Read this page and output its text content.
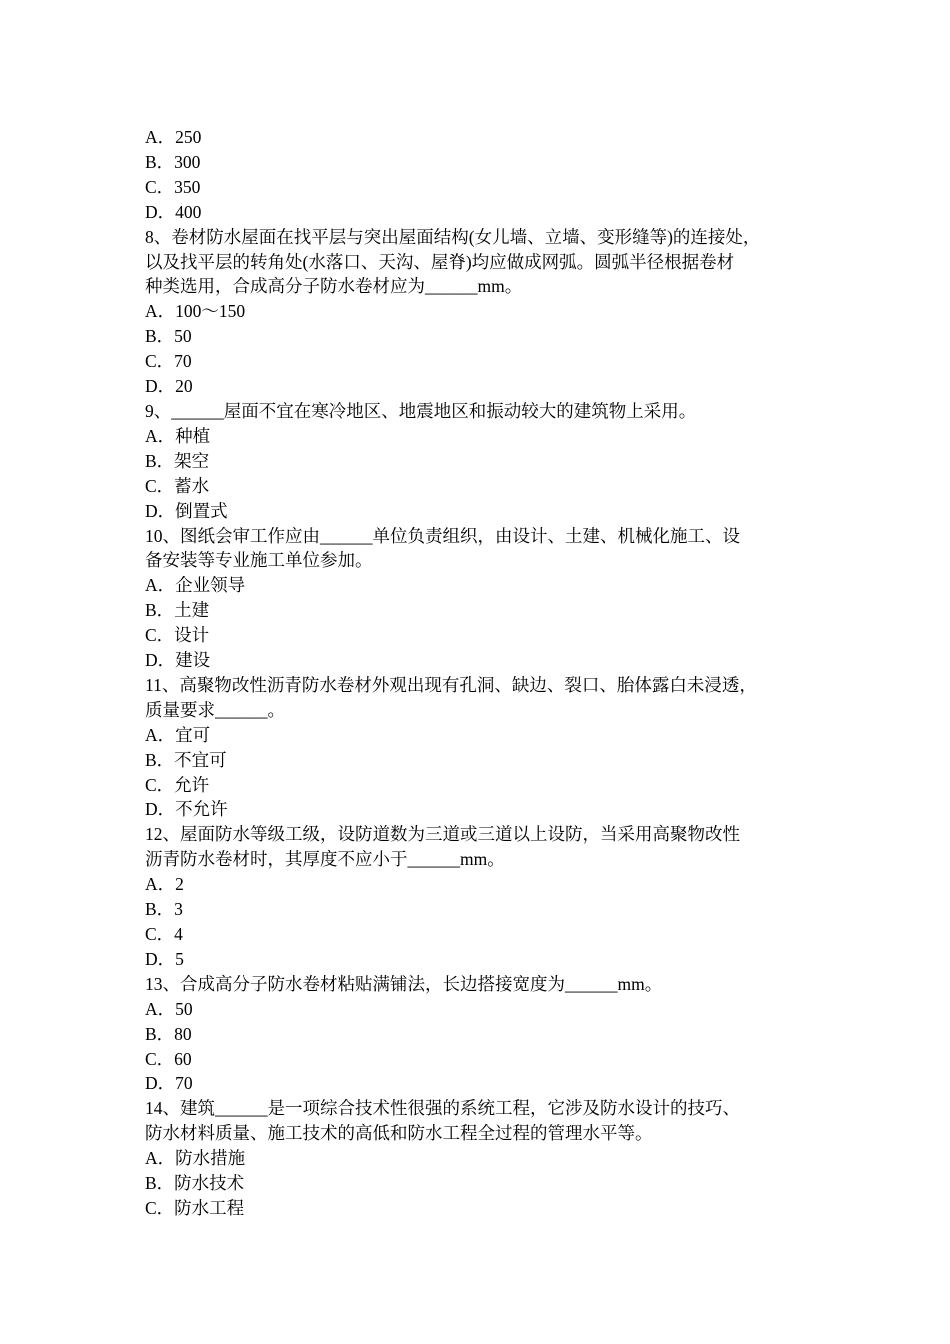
A．250
B．300
C．350
D．400
8、卷材防水屋面在找平层与突出屋面结构(女儿墙、立墙、变形缝等)的连接处，
以及找平层的转角处(水落口、天沟、屋脊)均应做成网弧。圆弧半径根据卷材
种类选用，合成高分子防水卷材应为______mm。
A．100～150
B．50
C．70
D．20
9、______屋面不宜在寒冷地区、地震地区和振动较大的建筑物上采用。
A．种植
B．架空
C．蓄水
D．倒置式
10、图纸会审工作应由______单位负责组织，由设计、土建、机械化施工、设
备安装等专业施工单位参加。
A．企业领导
B．土建
C．设计
D．建设
11、高聚物改性沥青防水卷材外观出现有孔洞、缺边、裂口、胎体露白未浸透，
质量要求______。
A．宜可
B．不宜可
C．允许
D．不允许
12、屋面防水等级工级，设防道数为三道或三道以上设防，当采用高聚物改性
沥青防水卷材时，其厚度不应小于______mm。
A．2
B．3
C．4
D．5
13、合成高分子防水卷材粘贴满铺法，长边搭接宽度为______mm。
A．50
B．80
C．60
D．70
14、建筑______是一项综合技术性很强的系统工程，它涉及防水设计的技巧、
防水材料质量、施工技术的高低和防水工程全过程的管理水平等。
A．防水措施
B．防水技术
C．防水工程
